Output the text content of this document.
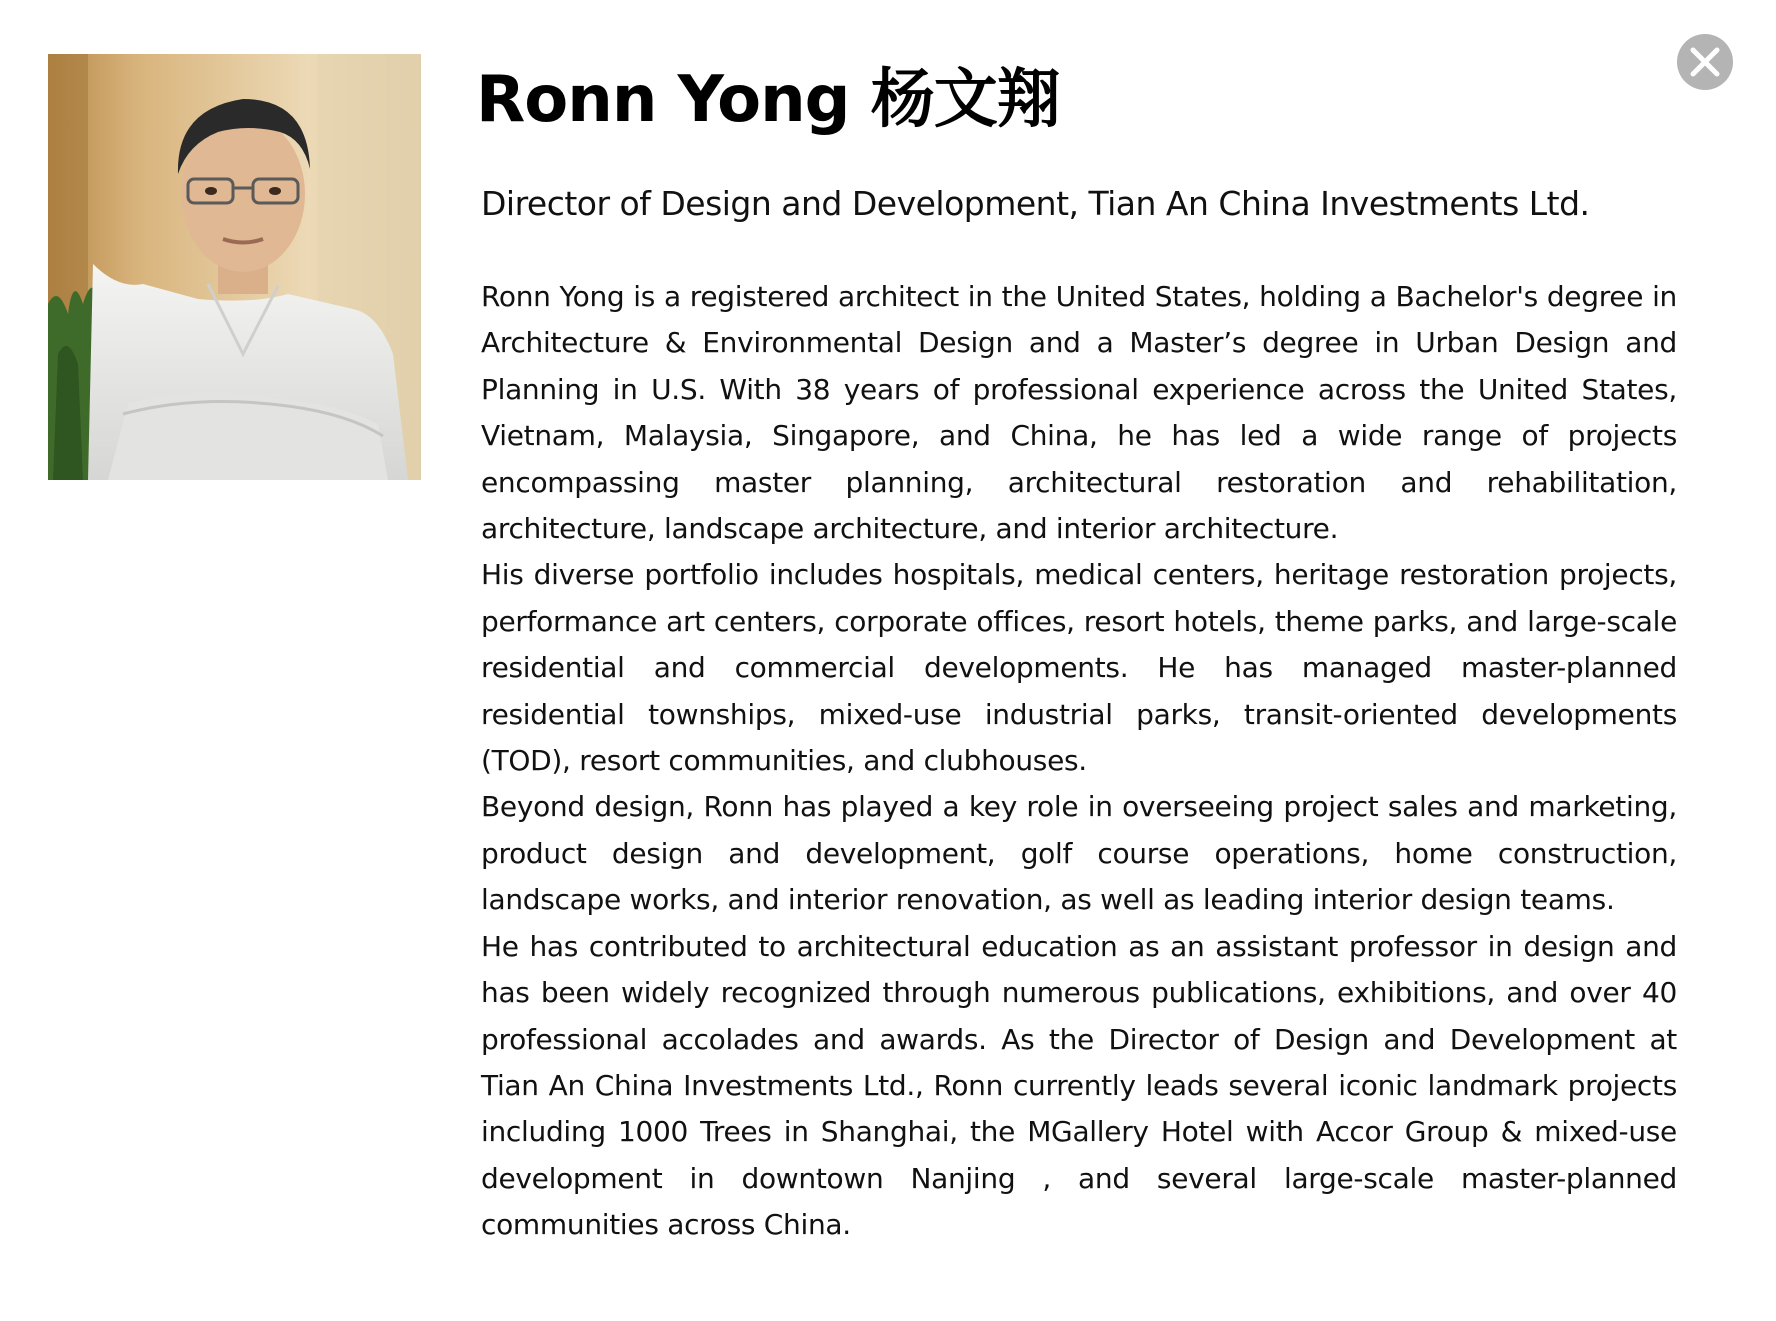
Ronn Yong 杨文翔
Director of Design and Development, Tian An China Investments Ltd.

Ronn Yong is a registered architect in the United States, holding a Bachelor's degree in Architecture & Environmental Design and a Master’s degree in Urban Design and Planning in U.S. With 38 years of professional experience across the United States, Vietnam, Malaysia, Singapore, and China, he has led a wide range of projects encompassing master planning, architectural restoration and rehabilitation, architecture, landscape architecture, and interior architecture.

His diverse portfolio includes hospitals, medical centers, heritage restoration projects, performance art centers, corporate offices, resort hotels, theme parks, and large-scale residential and commercial developments. He has managed master-planned residential townships, mixed-use industrial parks, transit-oriented developments (TOD), resort communities, and clubhouses.

Beyond design, Ronn has played a key role in overseeing project sales and marketing, product design and development, golf course operations, home construction, landscape works, and interior renovation, as well as leading interior design teams.

He has contributed to architectural education as an assistant professor in design and has been widely recognized through numerous publications, exhibitions, and over 40 professional accolades and awards. As the Director of Design and Development at Tian An China Investments Ltd., Ronn currently leads several iconic landmark projects including 1000 Trees in Shanghai, the MGallery Hotel with Accor Group & mixed-use development in downtown Nanjing , and several large-scale master-planned communities across China.
